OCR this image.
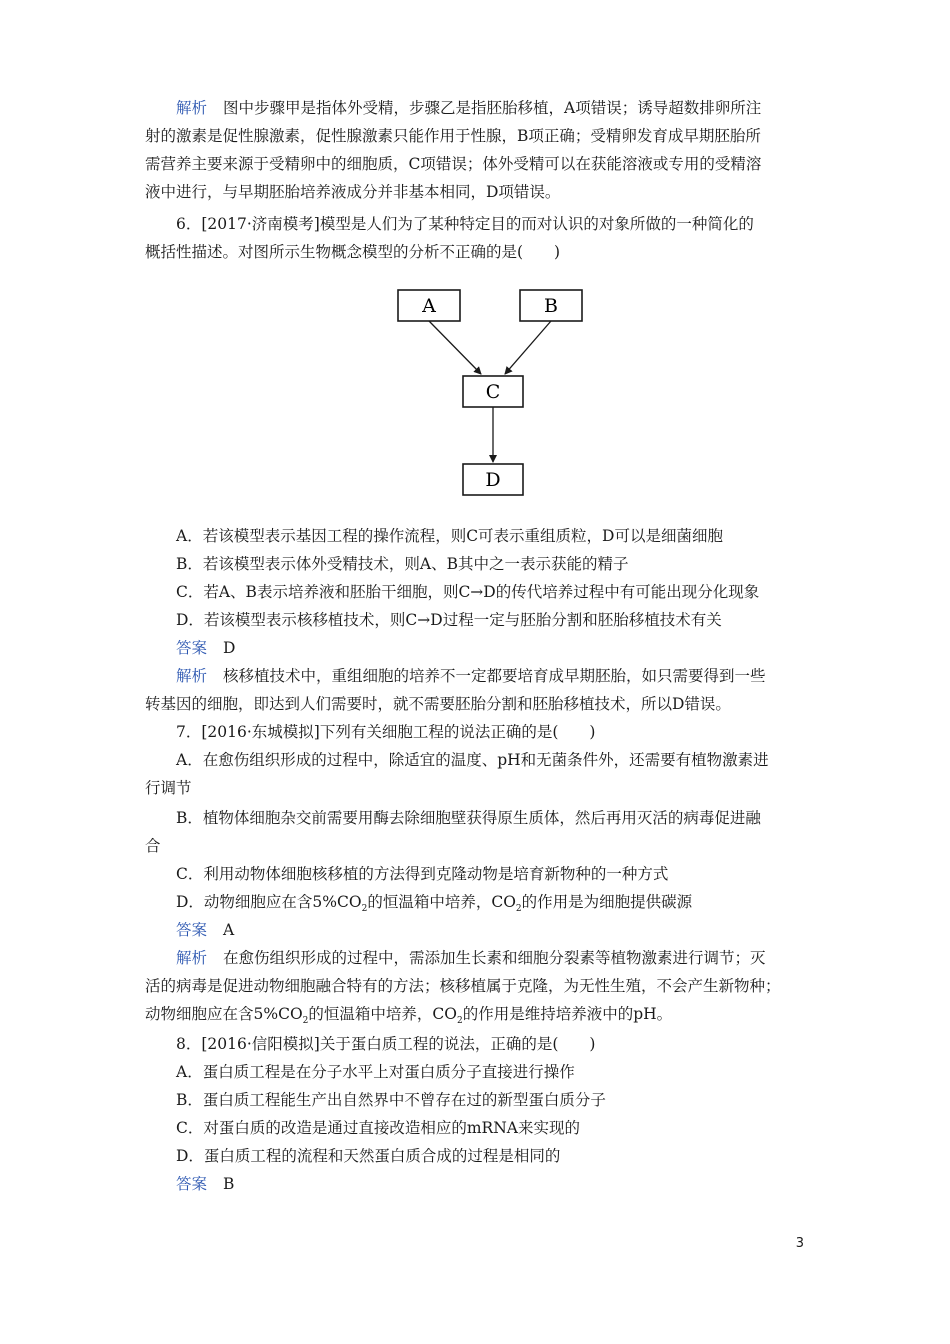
解析 图中步骤甲是指体外受精，步骤乙是指胚胎移植，A项错误；诱导超数排卵所注
射的激素是促性腺激素，促性腺激素只能作用于性腺，B项正确；受精卵发育成早期胚胎所
需营养主要来源于受精卵中的细胞质，C项错误；体外受精可以在获能溶液或专用的受精溶
液中进行，与早期胚胎培养液成分并非基本相同，D项错误。
6．[2017·济南模考]模型是人们为了某种特定目的而对认识的对象所做的一种简化的
概括性描述。对图所示生物概念模型的分析不正确的是(　　)
A	B
C
D
A．若该模型表示基因工程的操作流程，则C可表示重组质粒，D可以是细菌细胞
B．若该模型表示体外受精技术，则A、B其中之一表示获能的精子
C．若A、B表示培养液和胚胎干细胞，则C→D的传代培养过程中有可能出现分化现象
D．若该模型表示核移植技术，则C→D过程一定与胚胎分割和胚胎移植技术有关
答案 D
解析 核移植技术中，重组细胞的培养不一定都要培育成早期胚胎，如只需要得到一些
转基因的细胞，即达到人们需要时，就不需要胚胎分割和胚胎移植技术，所以D错误。
7．[2016·东城模拟]下列有关细胞工程的说法正确的是(　　)
A．在愈伤组织形成的过程中，除适宜的温度、pH和无菌条件外，还需要有植物激素进
行调节
B．植物体细胞杂交前需要用酶去除细胞壁获得原生质体，然后再用灭活的病毒促进融
合
C．利用动物体细胞核移植的方法得到克隆动物是培育新物种的一种方式
D．动物细胞应在含$5\%CO_2$的恒温箱中培养，$CO_2$的作用是为细胞提供碳源
答案 A
解析 在愈伤组织形成的过程中，需添加生长素和细胞分裂素等植物激素进行调节；灭
活的病毒是促进动物细胞融合特有的方法；核移植属于克隆，为无性生殖，不会产生新物种；
动物细胞应在含$5\%CO_2$的恒温箱中培养，$CO_2$的作用是维持培养液中的pH。
8．[2016·信阳模拟]关于蛋白质工程的说法，正确的是(　　)
A．蛋白质工程是在分子水平上对蛋白质分子直接进行操作
B．蛋白质工程能生产出自然界中不曾存在过的新型蛋白质分子
C．对蛋白质的改造是通过直接改造相应的mRNA来实现的
D．蛋白质工程的流程和天然蛋白质合成的过程是相同的
答案 B
3
